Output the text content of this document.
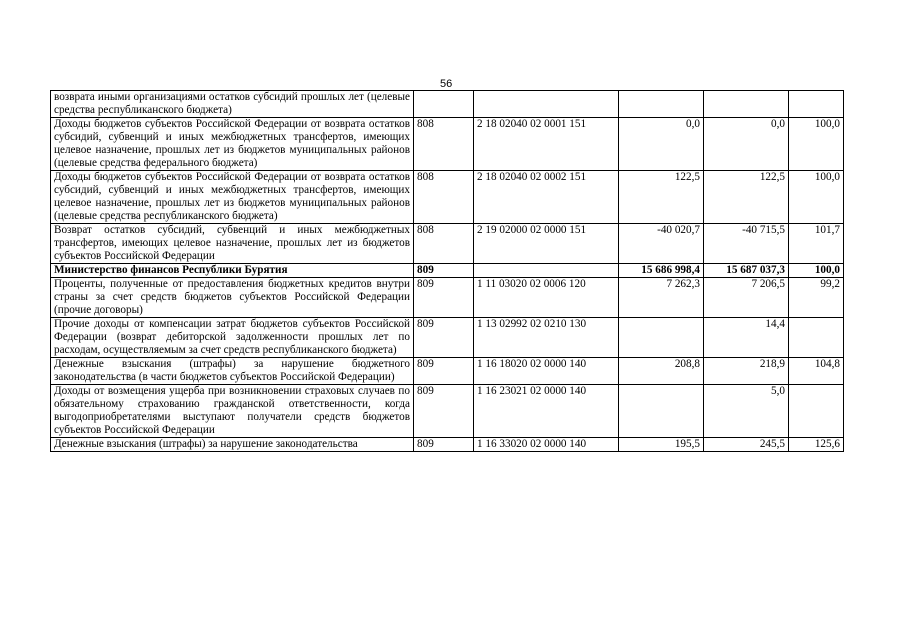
56
возврата иными организациями остатков субсидий прошлых лет (целевые средства республиканского бюджета)					
Доходы бюджетов субъектов Российской Федерации от возврата остатков субсидий, субвенций и иных межбюджетных трансфертов, имеющих целевое назначение, прошлых лет из бюджетов муниципальных районов (целевые средства федерального бюджета)	808	2 18 02040 02 0001 151	0,0	0,0	100,0
Доходы бюджетов субъектов Российской Федерации от возврата остатков субсидий, субвенций и иных межбюджетных трансфертов, имеющих целевое назначение, прошлых лет из бюджетов муниципальных районов (целевые средства республиканского бюджета)	808	2 18 02040 02 0002 151	122,5	122,5	100,0
Возврат остатков субсидий, субвенций и иных межбюджетных трансфертов, имеющих целевое назначение, прошлых лет из бюджетов субъектов Российской Федерации	808	2 19 02000 02 0000 151	-40 020,7	-40 715,5	101,7
Министерство финансов Республики Бурятия	809		15 686 998,4	15 687 037,3	100,0
Проценты, полученные от предоставления бюджетных кредитов внутри страны за счет средств бюджетов субъектов Российской Федерации (прочие договоры)	809	1 11 03020 02 0006 120	7 262,3	7 206,5	99,2
Прочие доходы от компенсации затрат бюджетов субъектов Российской Федерации (возврат дебиторской задолженности прошлых лет по расходам, осуществляемым за счет средств республиканского бюджета)	809	1 13 02992 02 0210 130		14,4	
Денежные взыскания (штрафы) за нарушение бюджетного законодательства (в части бюджетов субъектов Российской Федерации)	809	1 16 18020 02 0000 140	208,8	218,9	104,8
Доходы от возмещения ущерба при возникновении страховых случаев по обязательному страхованию гражданской ответственности, когда выгодоприобретателями выступают получатели средств бюджетов субъектов Российской Федерации	809	1 16 23021 02 0000 140		5,0	
Денежные взыскания (штрафы) за нарушение законодательства	809	1 16 33020 02 0000 140	195,5	245,5	125,6
